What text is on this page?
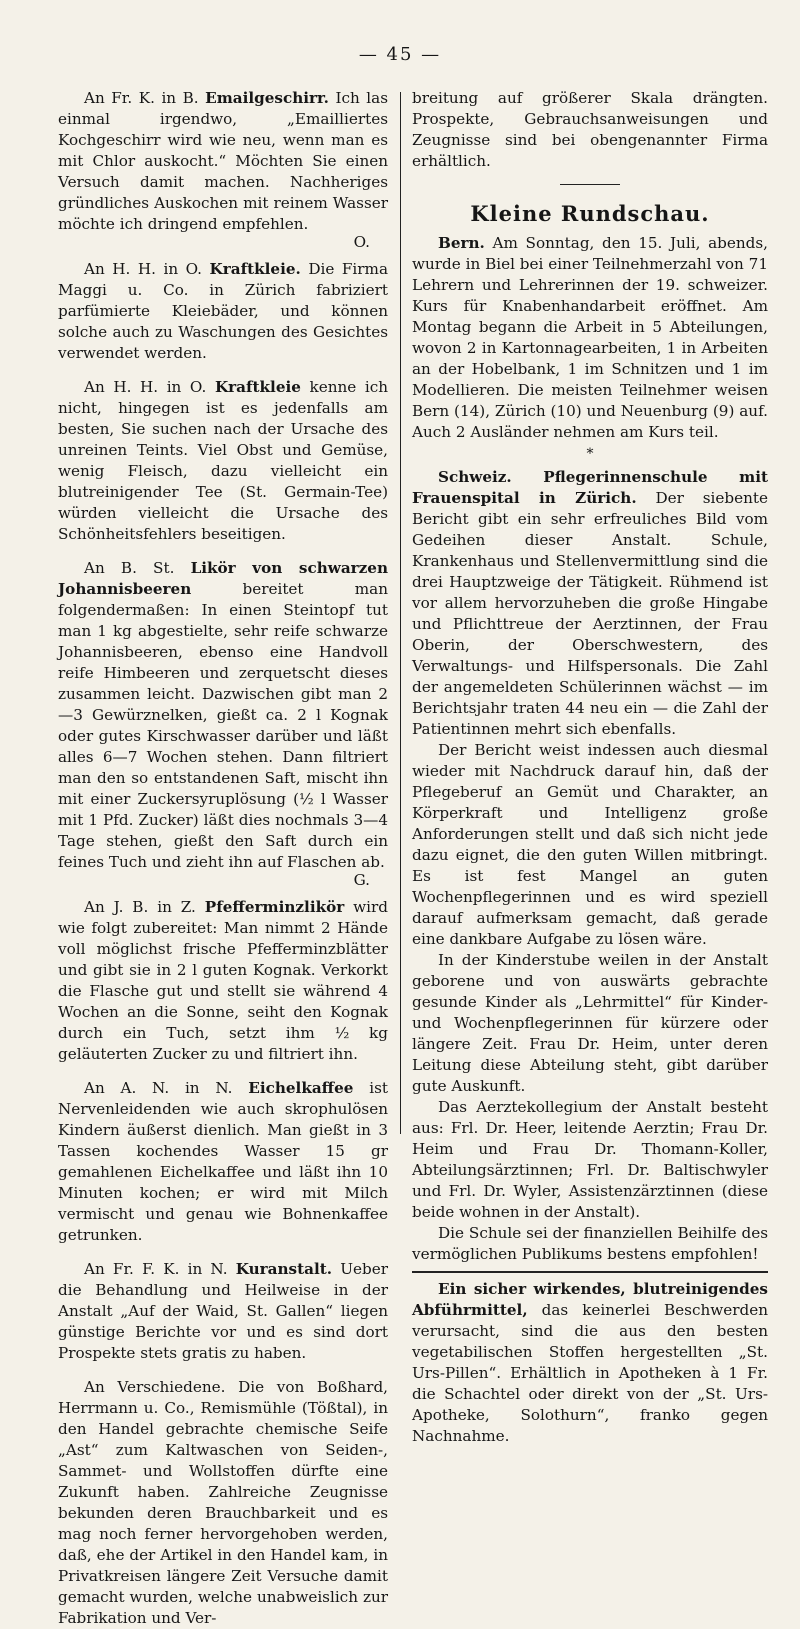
— 45 —

An Fr. K. in B. Emailgeschirr. Ich las einmal irgendwo, „Emailliertes Kochgeschirr wird wie neu, wenn man es mit Chlor auskocht.“ Möchten Sie einen Versuch damit machen. Nachheriges gründliches Auskochen mit reinem Wasser möchte ich dringend empfehlen.
O.

An H. H. in O. Kraftkleie. Die Firma Maggi u. Co. in Zürich fabriziert parfümierte Kleiebäder, und können solche auch zu Waschungen des Gesichtes verwendet werden.

An H. H. in O. Kraftkleie kenne ich nicht, hingegen ist es jedenfalls am besten, Sie suchen nach der Ursache des unreinen Teints. Viel Obst und Gemüse, wenig Fleisch, dazu vielleicht ein blutreinigender Tee (St. Germain-Tee) würden vielleicht die Ursache des Schönheitsfehlers beseitigen.

An B. St. Likör von schwarzen Johannisbeeren bereitet man folgendermaßen: In einen Steintopf tut man 1 kg abgestielte, sehr reife schwarze Johannisbeeren, ebenso eine Handvoll reife Himbeeren und zerquetscht dieses zusammen leicht. Dazwischen gibt man 2—3 Gewürznelken, gießt ca. 2 l Kognak oder gutes Kirschwasser darüber und läßt alles 6—7 Wochen stehen. Dann filtriert man den so entstandenen Saft, mischt ihn mit einer Zuckersyruplösung (½ l Wasser mit 1 Pfd. Zucker) läßt dies nochmals 3—4 Tage stehen, gießt den Saft durch ein feines Tuch und zieht ihn auf Flaschen ab.
G.

An J. B. in Z. Pfefferminzlikör wird wie folgt zubereitet: Man nimmt 2 Hände voll möglichst frische Pfefferminzblätter und gibt sie in 2 l guten Kognak. Verkorkt die Flasche gut und stellt sie während 4 Wochen an die Sonne, seiht den Kognak durch ein Tuch, setzt ihm ½ kg geläuterten Zucker zu und filtriert ihn.

An A. N. in N. Eichelkaffee ist Nervenleidenden wie auch skrophulösen Kindern äußerst dienlich. Man gießt in 3 Tassen kochendes Wasser 15 gr gemahlenen Eichelkaffee und läßt ihn 10 Minuten kochen; er wird mit Milch vermischt und genau wie Bohnenkaffee getrunken.

An Fr. F. K. in N. Kuranstalt. Ueber die Behandlung und Heilweise in der Anstalt „Auf der Waid, St. Gallen“ liegen günstige Berichte vor und es sind dort Prospekte stets gratis zu haben.

An Verschiedene. Die von Boßhard, Herrmann u. Co., Remismühle (Tößtal), in den Handel gebrachte chemische Seife „Ast“ zum Kaltwaschen von Seiden-, Sammet- und Wollstoffen dürfte eine Zukunft haben. Zahlreiche Zeugnisse bekunden deren Brauchbarkeit und es mag noch ferner hervorgehoben werden, daß, ehe der Artikel in den Handel kam, in Privatkreisen längere Zeit Versuche damit gemacht wurden, welche unabweislich zur Fabrikation und Ver-

breitung auf größerer Skala drängten. Prospekte, Gebrauchsanweisungen und Zeugnisse sind bei obengenannter Firma erhältlich.

Kleine Rundschau.

Bern. Am Sonntag, den 15. Juli, abends, wurde in Biel bei einer Teilnehmerzahl von 71 Lehrern und Lehrerinnen der 19. schweizer. Kurs für Knabenhandarbeit eröffnet. Am Montag begann die Arbeit in 5 Abteilungen, wovon 2 in Kartonnagearbeiten, 1 in Arbeiten an der Hobelbank, 1 im Schnitzen und 1 im Modellieren. Die meisten Teilnehmer weisen Bern (14), Zürich (10) und Neuenburg (9) auf. Auch 2 Ausländer nehmen am Kurs teil.

*

Schweiz. Pflegerinnenschule mit Frauenspital in Zürich. Der siebente Bericht gibt ein sehr erfreuliches Bild vom Gedeihen dieser Anstalt. Schule, Krankenhaus und Stellenvermittlung sind die drei Hauptzweige der Tätigkeit. Rühmend ist vor allem hervorzuheben die große Hingabe und Pflichttreue der Aerztinnen, der Frau Oberin, der Oberschwestern, des Verwaltungs- und Hilfspersonals. Die Zahl der angemeldeten Schülerinnen wächst — im Berichtsjahr traten 44 neu ein — die Zahl der Patientinnen mehrt sich ebenfalls.

Der Bericht weist indessen auch diesmal wieder mit Nachdruck darauf hin, daß der Pflegeberuf an Gemüt und Charakter, an Körperkraft und Intelligenz große Anforderungen stellt und daß sich nicht jede dazu eignet, die den guten Willen mitbringt. Es ist fest Mangel an guten Wochenpflegerinnen und es wird speziell darauf aufmerksam gemacht, daß gerade eine dankbare Aufgabe zu lösen wäre.

In der Kinderstube weilen in der Anstalt geborene und von auswärts gebrachte gesunde Kinder als „Lehrmittel“ für Kinder- und Wochenpflegerinnen für kürzere oder längere Zeit. Frau Dr. Heim, unter deren Leitung diese Abteilung steht, gibt darüber gute Auskunft.

Das Aerztekollegium der Anstalt besteht aus: Frl. Dr. Heer, leitende Aerztin; Frau Dr. Heim und Frau Dr. Thomann-Koller, Abteilungsärztinnen; Frl. Dr. Baltischwyler und Frl. Dr. Wyler, Assistenzärztinnen (diese beide wohnen in der Anstalt).

Die Schule sei der finanziellen Beihilfe des vermöglichen Publikums bestens empfohlen!

Ein sicher wirkendes, blutreinigendes Abführmittel, das keinerlei Beschwerden verursacht, sind die aus den besten vegetabilischen Stoffen hergestellten „St. Urs-Pillen“. Erhältlich in Apotheken à 1 Fr. die Schachtel oder direkt von der „St. Urs-Apotheke, Solothurn“, franko gegen Nachnahme.
